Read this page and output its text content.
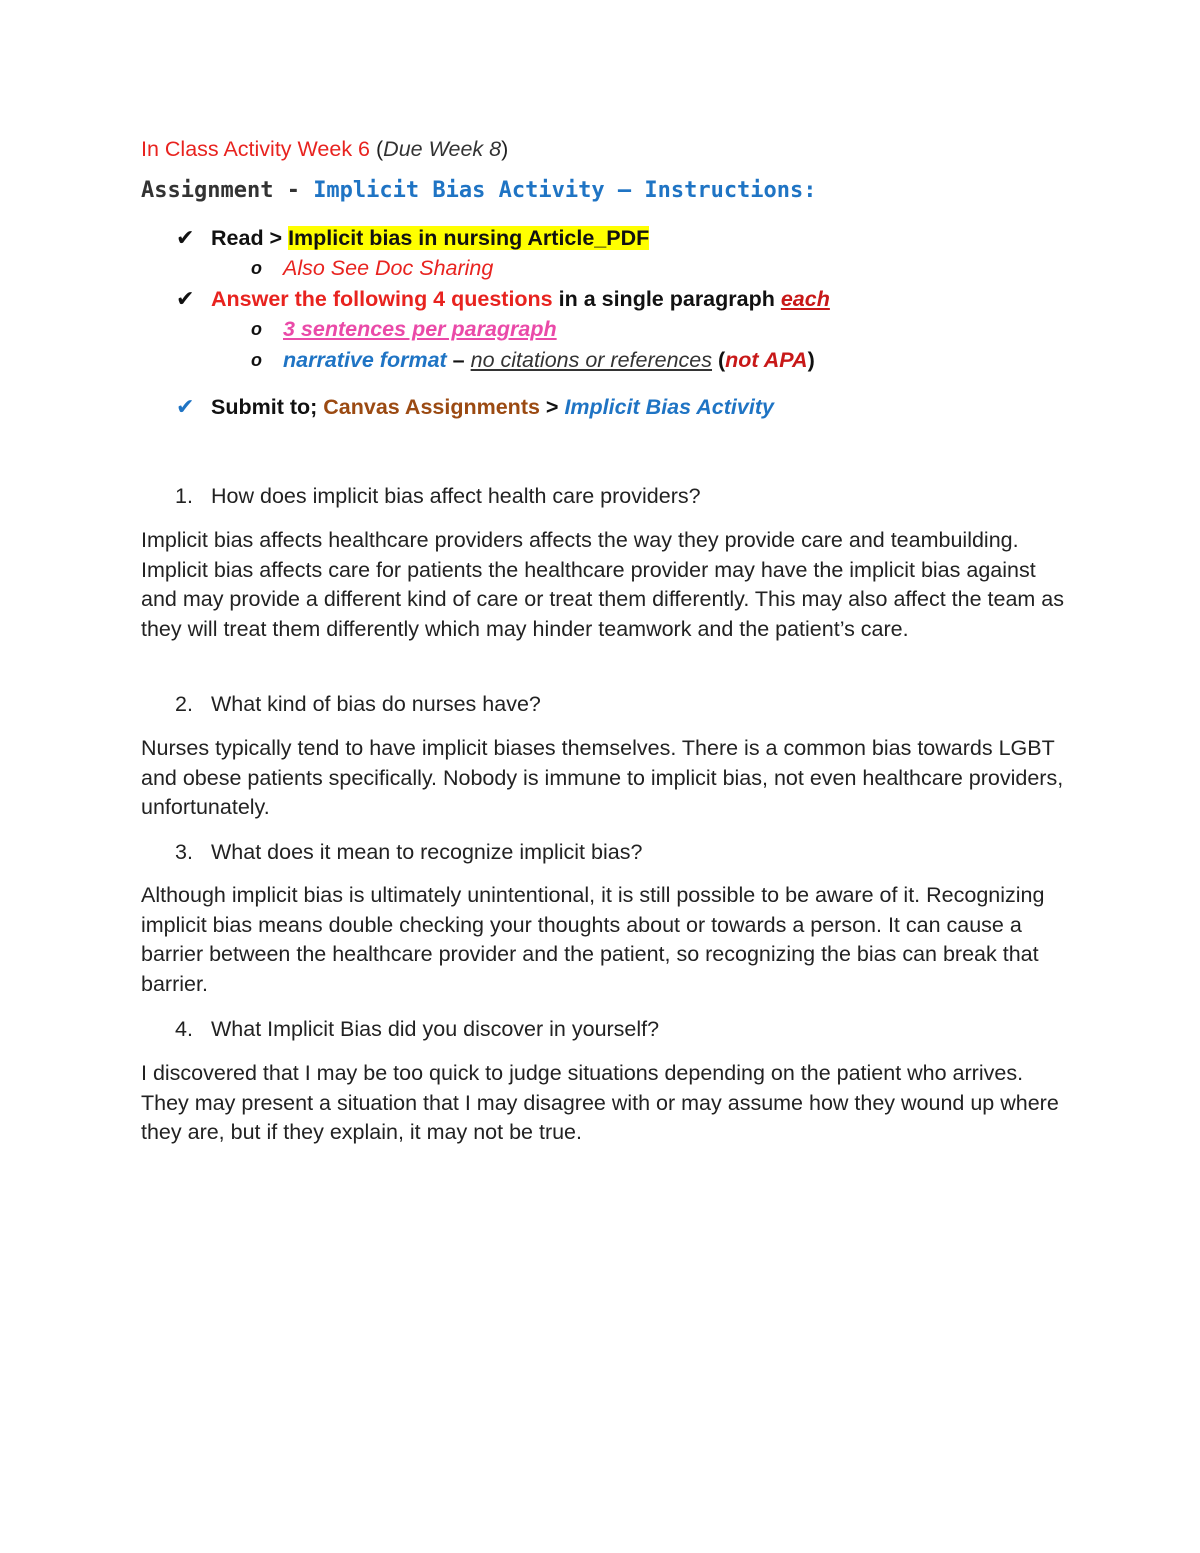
In Class Activity Week 6 (Due Week 8)
Assignment - Implicit Bias Activity – Instructions:
✔ Read > Implicit bias in nursing Article_PDF
o Also See Doc Sharing
✔ Answer the following 4 questions in a single paragraph each
o 3 sentences per paragraph
o narrative format – no citations or references (not APA)
✔ Submit to; Canvas Assignments > Implicit Bias Activity
1. How does implicit bias affect health care providers?
Implicit bias affects healthcare providers affects the way they provide care and teambuilding. Implicit bias affects care for patients the healthcare provider may have the implicit bias against and may provide a different kind of care or treat them differently. This may also affect the team as they will treat them differently which may hinder teamwork and the patient’s care.
2. What kind of bias do nurses have?
Nurses typically tend to have implicit biases themselves. There is a common bias towards LGBT and obese patients specifically. Nobody is immune to implicit bias, not even healthcare providers, unfortunately.
3. What does it mean to recognize implicit bias?
Although implicit bias is ultimately unintentional, it is still possible to be aware of it. Recognizing implicit bias means double checking your thoughts about or towards a person. It can cause a barrier between the healthcare provider and the patient, so recognizing the bias can break that barrier.
4. What Implicit Bias did you discover in yourself?
I discovered that I may be too quick to judge situations depending on the patient who arrives. They may present a situation that I may disagree with or may assume how they wound up where they are, but if they explain, it may not be true.
